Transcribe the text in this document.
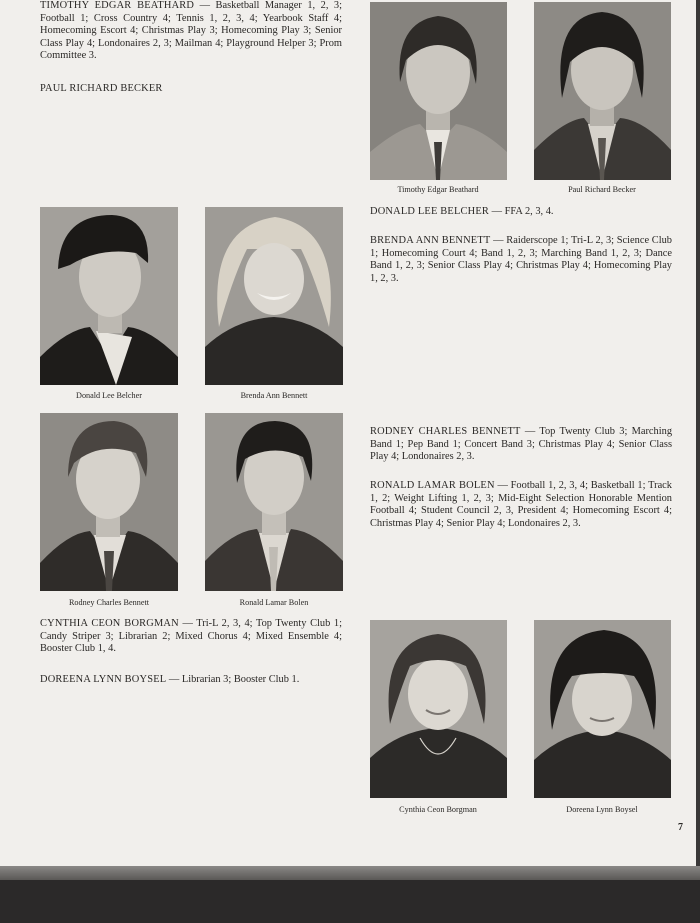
TIMOTHY EDGAR BEATHARD — Basketball Manager 1, 2, 3; Football 1; Cross Country 4; Tennis 1, 2, 3, 4; Yearbook Staff 4; Homecoming Escort 4; Christmas Play 3; Homecoming Play 3; Senior Class Play 4; Londonaires 2, 3; Mailman 4; Playground Helper 3; Prom Committee 3.

PAUL RICHARD BECKER

Timothy Edgar Beathard	Paul Richard Becker
Donald Lee Belcher	Brenda Ann Bennett

DONALD LEE BELCHER — FFA 2, 3, 4.

BRENDA ANN BENNETT — Raiderscope 1; Tri-L 2, 3; Science Club 1; Homecoming Court 4; Band 1, 2, 3; Marching Band 1, 2, 3; Dance Band 1, 2, 3; Senior Class Play 4; Christmas Play 4; Homecoming Play 1, 2, 3.

Rodney Charles Bennett	Ronald Lamar Bolen

RODNEY CHARLES BENNETT — Top Twenty Club 3; Marching Band 1; Pep Band 1; Concert Band 3; Christmas Play 4; Senior Class Play 4; Londonaires 2, 3.

RONALD LAMAR BOLEN — Football 1, 2, 3, 4; Basketball 1; Track 1, 2; Weight Lifting 1, 2, 3; Mid-Eight Selection Honorable Mention Football 4; Student Council 2, 3, President 4; Homecoming Escort 4; Christmas Play 4; Senior Play 4; Londonaires 2, 3.

CYNTHIA CEON BORGMAN — Tri-L 2, 3, 4; Top Twenty Club 1; Candy Striper 3; Librarian 2; Mixed Chorus 4; Mixed Ensemble 4; Booster Club 1, 4.

DOREENA LYNN BOYSEL — Librarian 3; Booster Club 1.

Cynthia Ceon Borgman	Doreena Lynn Boysel
7
